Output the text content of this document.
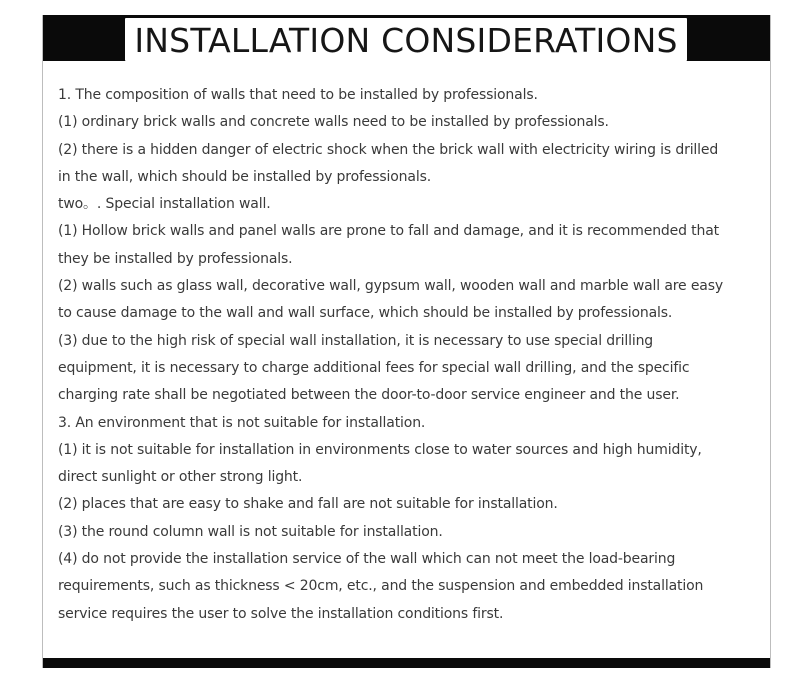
INSTALLATION CONSIDERATIONS
1. The composition of walls that need to be installed by professionals.
(1) ordinary brick walls and concrete walls need to be installed by professionals.
(2) there is a hidden danger of electric shock when the brick wall with electricity wiring is drilled
in the wall, which should be installed by professionals.
two。. Special installation wall.
(1) Hollow brick walls and panel walls are prone to fall and damage, and it is recommended that
they be installed by professionals.
(2) walls such as glass wall, decorative wall, gypsum wall, wooden wall and marble wall are easy
to cause damage to the wall and wall surface, which should be installed by professionals.
(3) due to the high risk of special wall installation, it is necessary to use special drilling
equipment, it is necessary to charge additional fees for special wall drilling, and the specific
charging rate shall be negotiated between the door-to-door service engineer and the user.
3. An environment that is not suitable for installation.
(1) it is not suitable for installation in environments close to water sources and high humidity,
direct sunlight or other strong light.
(2) places that are easy to shake and fall are not suitable for installation.
(3) the round column wall is not suitable for installation.
(4) do not provide the installation service of the wall which can not meet the load-bearing
requirements, such as thickness < 20cm, etc., and the suspension and embedded installation
service requires the user to solve the installation conditions first.
